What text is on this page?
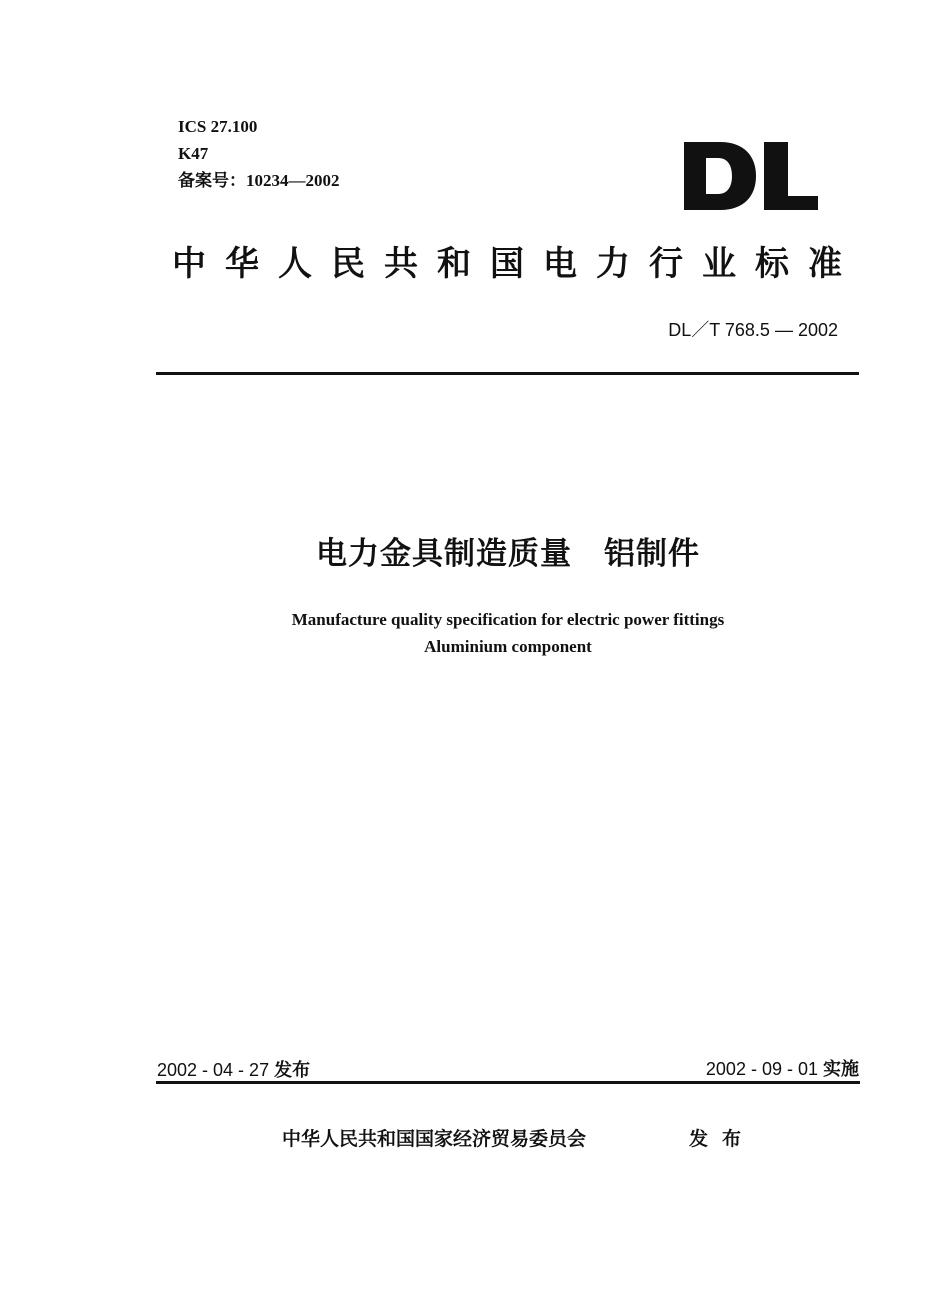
ICS 27.100
K47
备案号：10234—2002
中华人民共和国电力行业标准
DL／T 768.5 — 2002
电力金具制造质量　铝制件
Manufacture quality specification for electric power fittings
Aluminium component
2002 - 04 - 27 发布	2002 - 09 - 01 实施
中华人民共和国国家经济贸易委员会	发布
